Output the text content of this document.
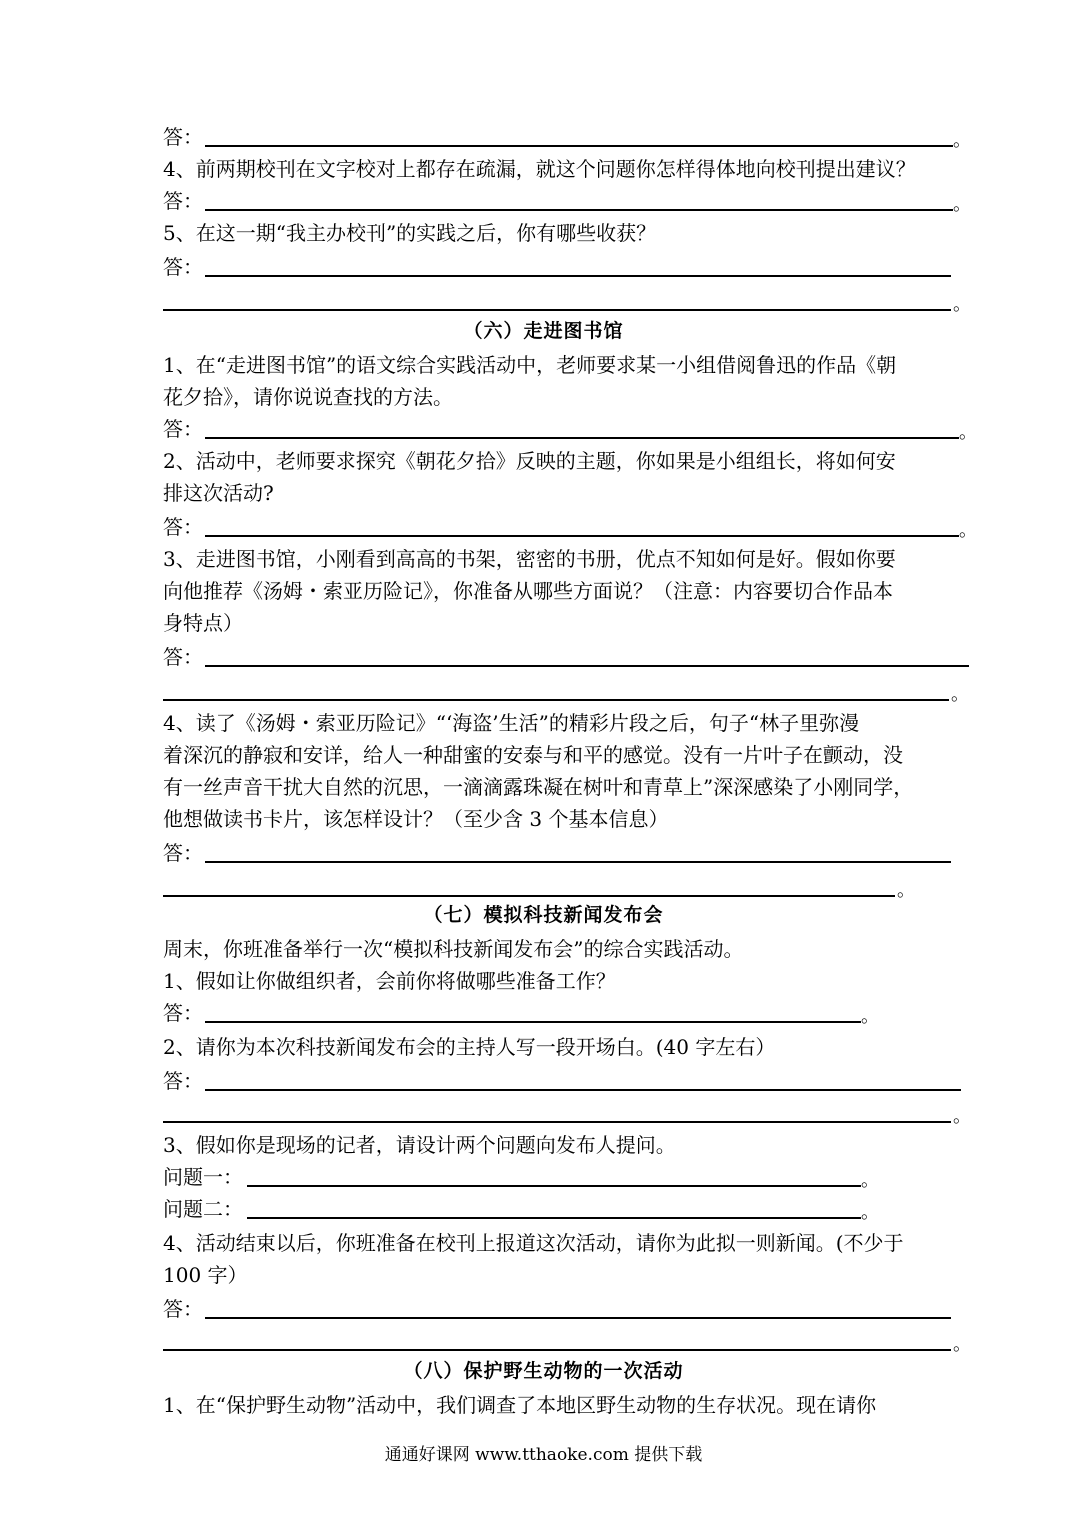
答：	。
4、前两期校刊在文字校对上都存在疏漏，就这个问题你怎样得体地向校刊提出建议？
答：	。
5、在这一期“我主办校刊”的实践之后，你有哪些收获？
答：
。
（六）走进图书馆
1、在“走进图书馆”的语文综合实践活动中，老师要求某一小组借阅鲁迅的作品《朝
花夕拾》，请你说说查找的方法。
答：	。
2、活动中，老师要求探究《朝花夕拾》反映的主题，你如果是小组组长，将如何安
排这次活动?
答：	。
3、走进图书馆，小刚看到高高的书架，密密的书册，优点不知如何是好。假如你要
向他推荐《汤姆・索亚历险记》，你准备从哪些方面说？（注意：内容要切合作品本
身特点）
答：
。
4、读了《汤姆・索亚历险记》“‘海盗’生活”的精彩片段之后，句子“林子里弥漫
着深沉的静寂和安详，给人一种甜蜜的安泰与和平的感觉。没有一片叶子在颤动，没
有一丝声音干扰大自然的沉思，一滴滴露珠凝在树叶和青草上”深深感染了小刚同学，
他想做读书卡片，该怎样设计？（至少含 3 个基本信息）
答：
。
（七）模拟科技新闻发布会
周末，你班准备举行一次“模拟科技新闻发布会”的综合实践活动。
1、假如让你做组织者，会前你将做哪些准备工作？
答：	。
2、请你为本次科技新闻发布会的主持人写一段开场白。(40 字左右）
答：
。
3、假如你是现场的记者，请设计两个问题向发布人提问。
问题一：	。
问题二：	。
4、活动结束以后，你班准备在校刊上报道这次活动，请你为此拟一则新闻。(不少于
100 字）
答：
。
（八）保护野生动物的一次活动
1、在“保护野生动物”活动中，我们调查了本地区野生动物的生存状况。现在请你
通通好课网 www.tthaoke.com 提供下载
